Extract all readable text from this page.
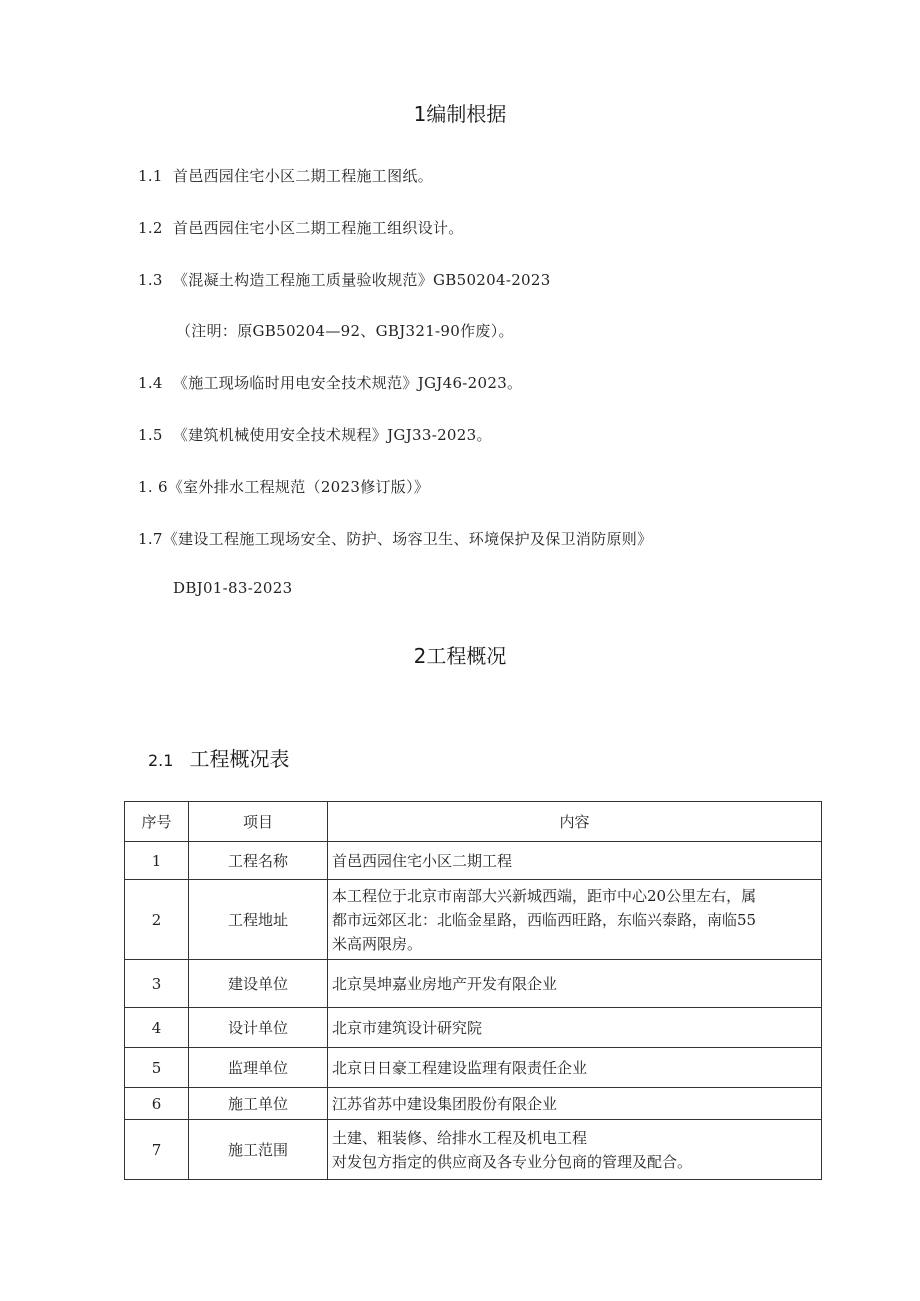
1编制根据
1.1 首邑西园住宅小区二期工程施工图纸。
1.2 首邑西园住宅小区二期工程施工组织设计。
1.3 《混凝土构造工程施工质量验收规范》GB50204-2023
（注明：原GB50204—92、GBJ321-90作废）。
1.4 《施工现场临时用电安全技术规范》JGJ46-2023。
1.5 《建筑机械使用安全技术规程》JGJ33-2023。
1. 6《室外排水工程规范（2023修订版）》
1.7《建设工程施工现场安全、防护、场容卫生、环境保护及保卫消防原则》
DBJ01-83-2023
2工程概况
2.1 工程概况表
序号	项目	内容
1	工程名称	首邑西园住宅小区二期工程

2	工程地址	本工程位于北京市南部大兴新城西端，距市中心20公里左右，属
都市远郊区北：北临金星路，西临西旺路，东临兴泰路，南临55
米高两限房。

3	建设单位	北京昊坤嘉业房地产开发有限企业

4	设计单位	北京市建筑设计研究院

5	监理单位	北京日日豪工程建设监理有限责任企业

6	施工单位	江苏省苏中建设集团股份有限企业

7	施工范围	土建、粗装修、给排水工程及机电工程
对发包方指定的供应商及各专业分包商的管理及配合。
